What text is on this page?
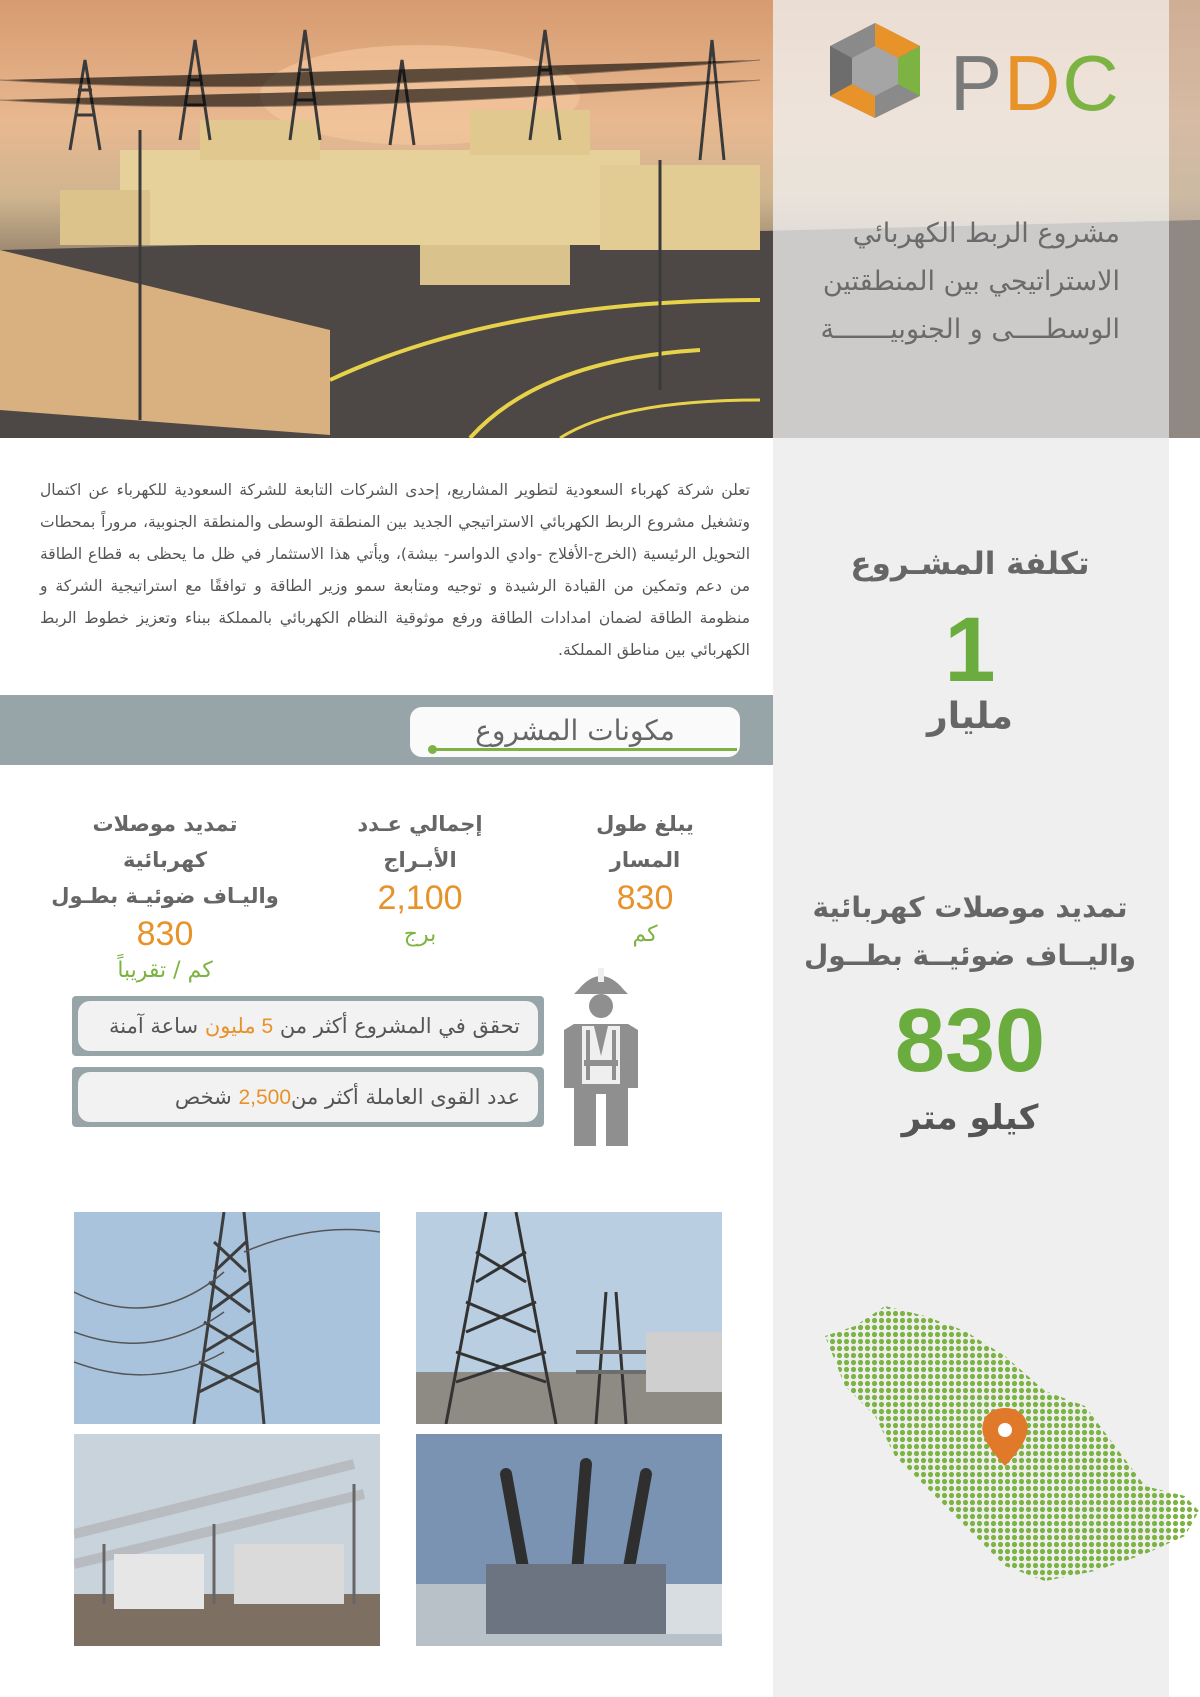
PDC
مشروع الربط الكهربائي
الاستراتيجي بين المنطقتين
الوسطــــى و الجنوبيـــــــة

تعلن شركة كهرباء السعودية لتطوير المشاريع، إحدى الشركات التابعة للشركة السعودية للكهرباء عن اكتمال وتشغيل مشروع الربط الكهربائي الاستراتيجي الجديد بين المنطقة الوسطى والمنطقة الجنوبية، مروراً بمحطات التحويل الرئيسية (الخرج-الأفلاج -وادي الدواسر- بيشة)، ويأتي هذا الاستثمار في ظل ما يحظى به قطاع الطاقة من دعم وتمكين من القيادة الرشيدة و توجيه ومتابعة سمو وزير الطاقة و توافقًا مع استراتيجية الشركة و منظومة الطاقة لضمان امدادات الطاقة ورفع موثوقية النظام الكهربائي بالمملكة ببناء وتعزيز خطوط الربط الكهربائي بين مناطق المملكة.

تكلفة المشـروع
1
مليار
مكونات المشروع
يبلغ طول المسار
830
كم
إجمالي عـدد الأبـراج
2,100
برج
تمديد موصلات كهربائية
واليـاف ضوئيـة بطـول
830
كم / تقريباً
تمديد موصلات كهربائية
واليــاف ضوئيــة بطــول
830
كيلو متر
تحقق في المشروع أكثر من 5 مليون ساعة آمنة
عدد القوى العاملة أكثر من2,500 شخص
